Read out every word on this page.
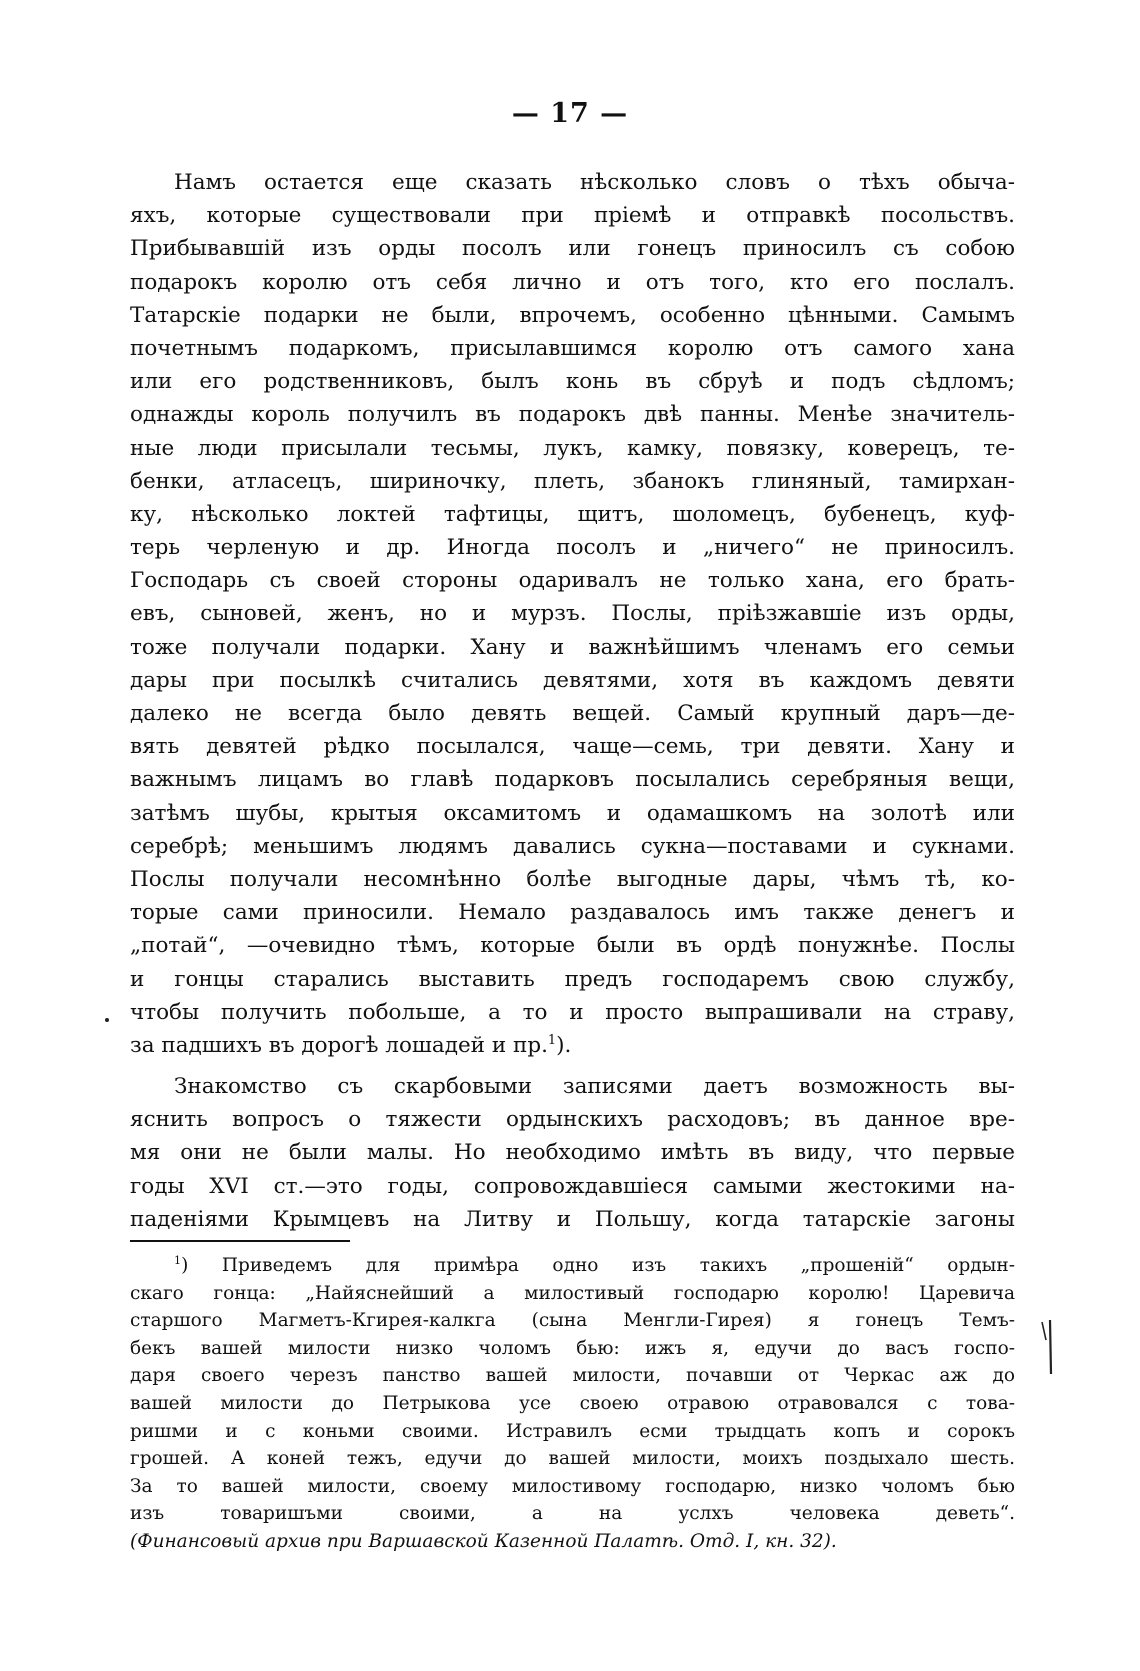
— 17 —
Намъ остается еще сказать нѣсколько словъ о тѣхъ обыча-
яхъ, которые существовали при пріемѣ и отправкѣ посольствъ.
Прибывавшій изъ орды посолъ или гонецъ приносилъ съ собою
подарокъ королю отъ себя лично и отъ того, кто его послалъ.
Татарскіе подарки не были, впрочемъ, особенно цѣнными. Самымъ
почетнымъ подаркомъ, присылавшимся королю отъ самого хана
или его родственниковъ, былъ конь въ сбруѣ и подъ сѣдломъ;
однажды король получилъ въ подарокъ двѣ панны. Менѣе значитель-
ные люди присылали тесьмы, лукъ, камку, повязку, коверецъ, те-
бенки, атласецъ, шириночку, плеть, збанокъ глиняный, тамирхан-
ку, нѣсколько локтей тафтицы, щитъ, шоломецъ, бубенецъ, куф-
терь черленую и др. Иногда посолъ и „ничего“ не приносилъ.
Господарь съ своей стороны одаривалъ не только хана, его брать-
евъ, сыновей, женъ, но и мурзъ. Послы, пріѣзжавшіе изъ орды,
тоже получали подарки. Хану и важнѣйшимъ членамъ его семьи
дары при посылкѣ считались девятями, хотя въ каждомъ девяти
далеко не всегда было девять вещей. Самый крупный даръ—де-
вять девятей рѣдко посылался, чаще—семь, три девяти. Хану и
важнымъ лицамъ во главѣ подарковъ посылались серебряныя вещи,
затѣмъ шубы, крытыя оксамитомъ и одамашкомъ на золотѣ или
серебрѣ; меньшимъ людямъ давались сукна—поставами и сукнами.
Послы получали несомнѣнно болѣе выгодные дары, чѣмъ тѣ, ко-
торые сами приносили. Немало раздавалось имъ также денегъ и
„потай“, —очевидно тѣмъ, которые были въ ордѣ понужнѣе. Послы
и гонцы старались выставить предъ господаремъ свою службу,
чтобы получить побольше, а то и просто выпрашивали на страву,
за падшихъ въ дорогѣ лошадей и пр.$^1$).
Знакомство съ скарбовыми записями даетъ возможность вы-
яснить вопросъ о тяжести ордынскихъ расходовъ; въ данное вре-
мя они не были малы. Но необходимо имѣть въ виду, что первые
годы XVI ст.—это годы, сопровождавшіеся самыми жестокими на-
паденіями Крымцевъ на Литву и Польшу, когда татарскіе загоны
$^1$) Приведемъ для примѣра одно изъ такихъ „прошеній“ ордын-
скаго гонца: „Найяснейший а милостивый господарю королю! Царевича
старшого Магметъ-Кгирея-калкга (сына Менгли-Гирея) я гонецъ Темъ-
бекъ вашей милости низко чоломъ бью: ижъ я, едучи до васъ госпо-
даря своего черезъ панство вашей милости, почавши от Черкас аж до
вашей милости до Петрыкова усе своею отравою отравовался с това-
ришми и с коньми своими. Истравилъ есми трыдцать копъ и сорокъ
грошей. А коней тежъ, едучи до вашей милости, моихъ поздыхало шесть.
За то вашей милости, своему милостивому господарю, низко чоломъ бью
изъ товаришъми своими, а на услхъ человека деветь“.
(Финансовый архив при Варшавской Казенной Палатѣ. Отд. I, кн. 32).
